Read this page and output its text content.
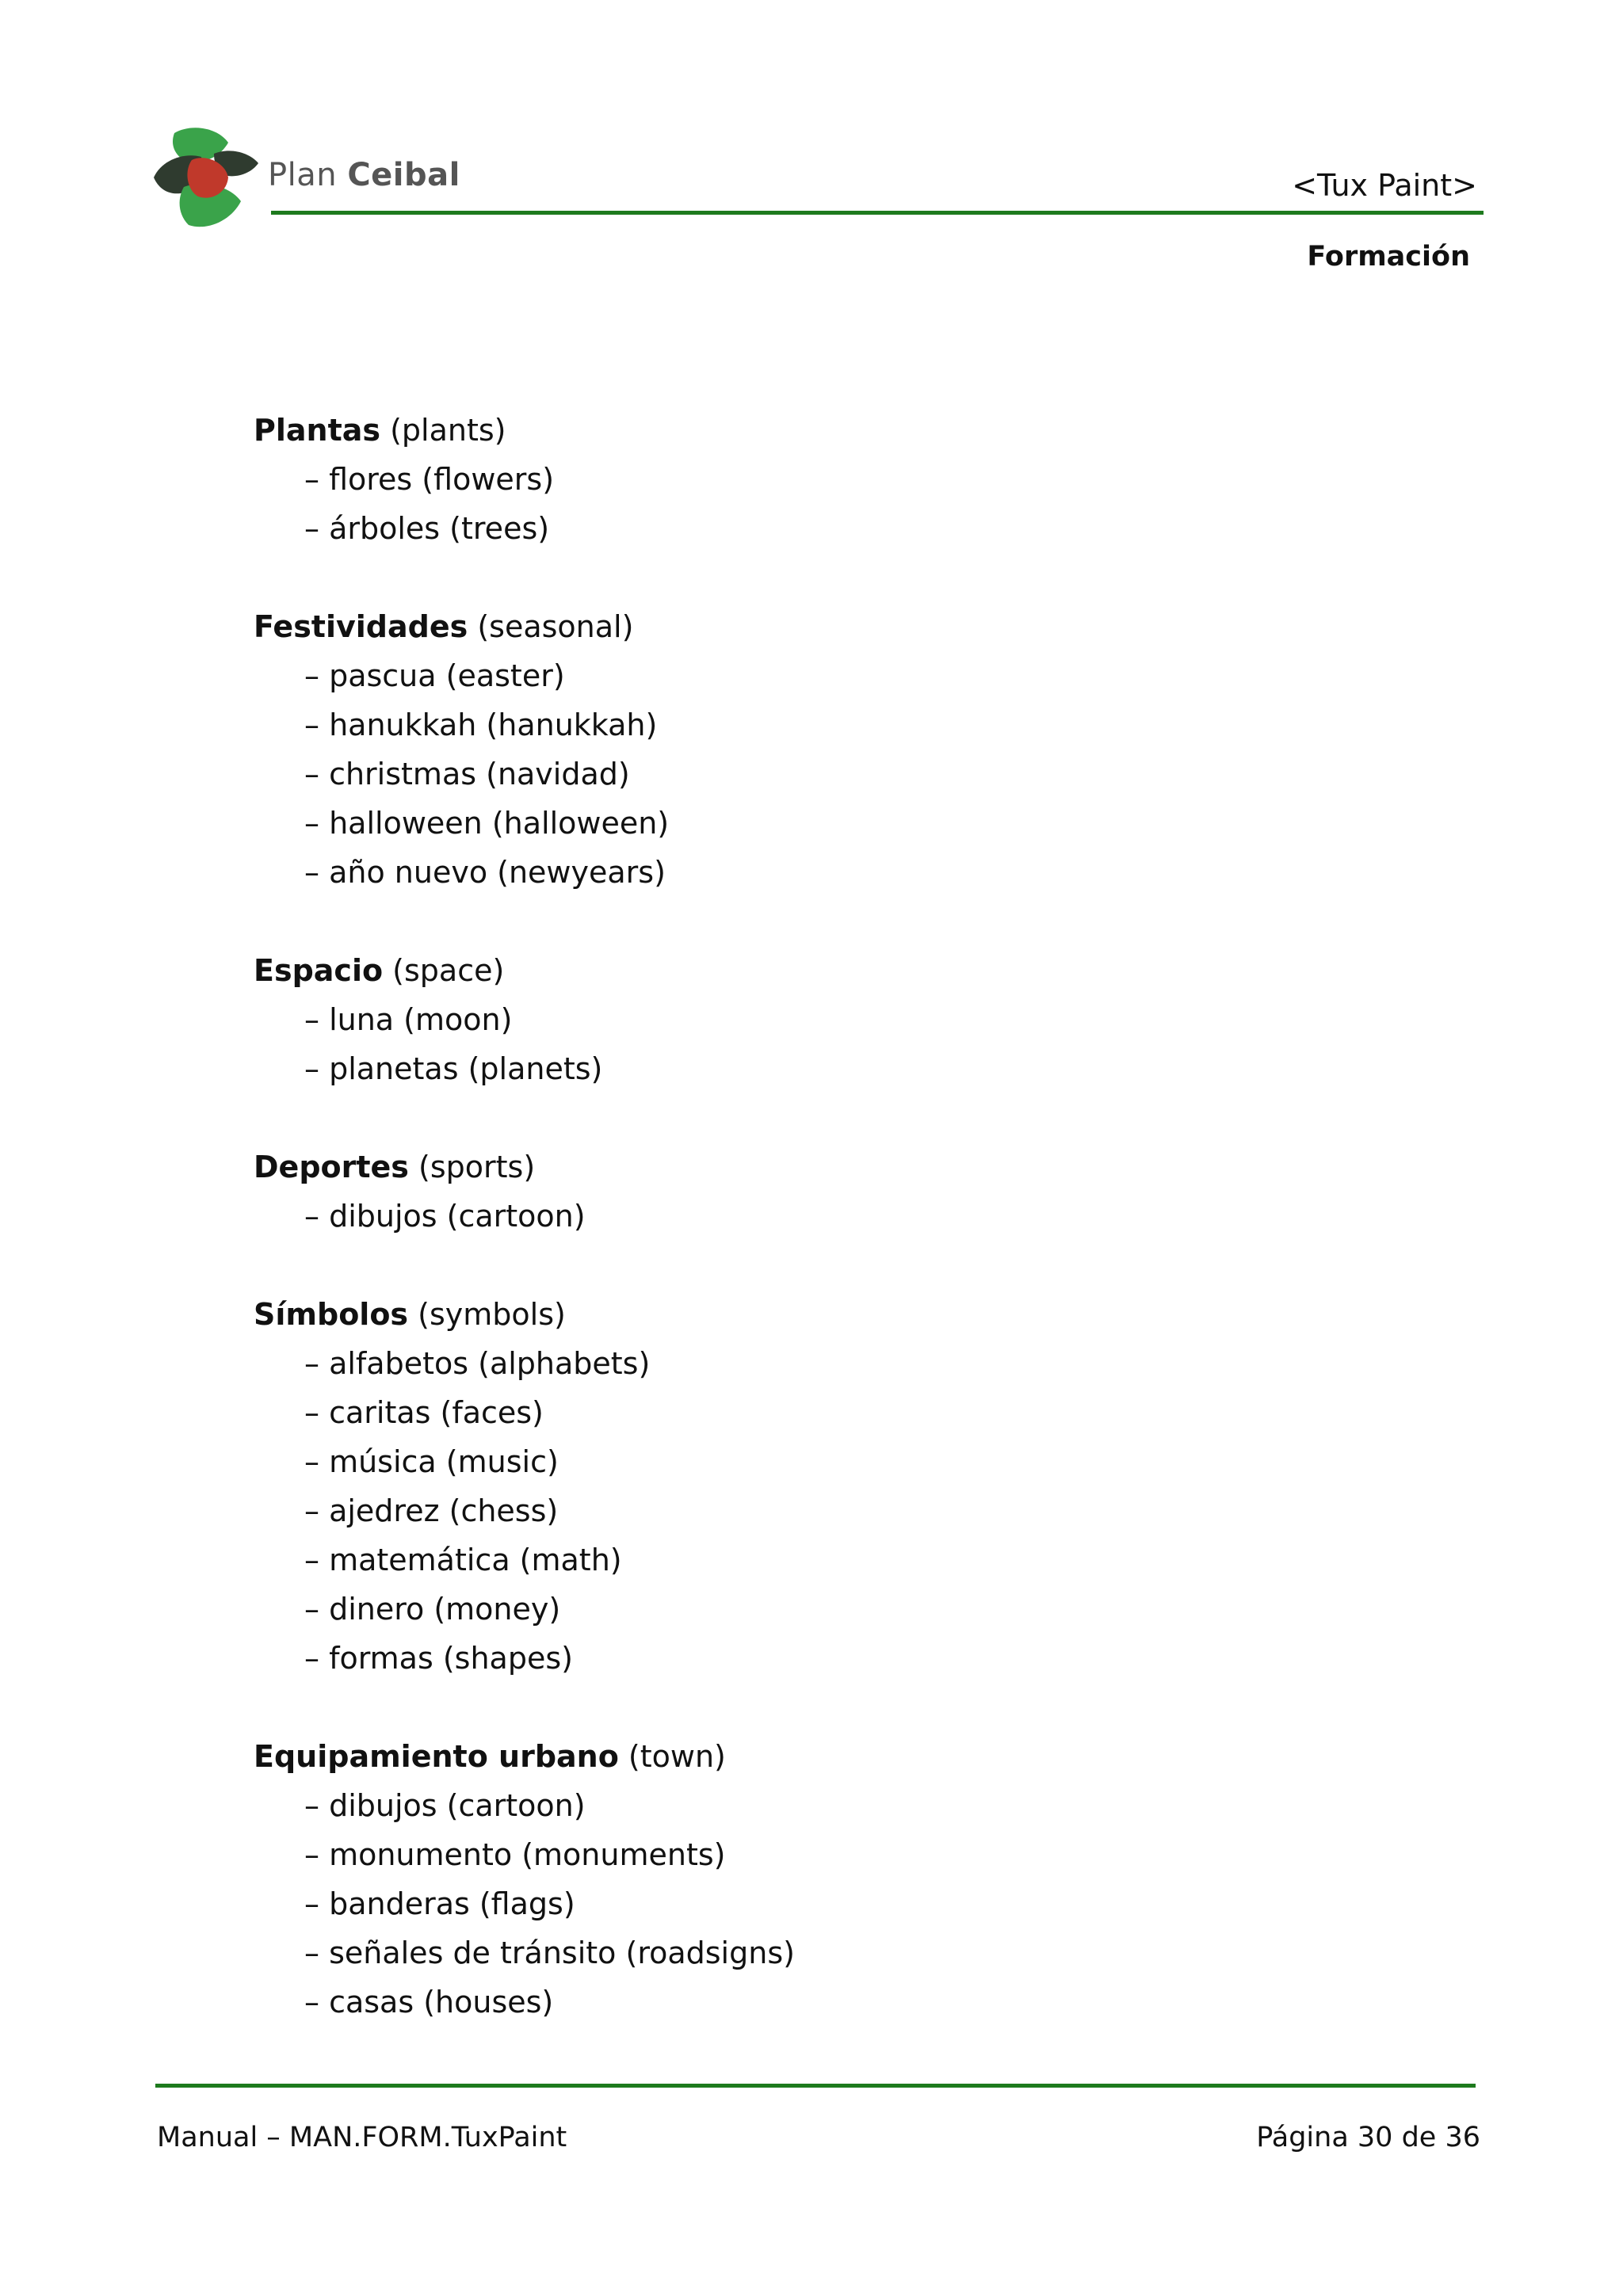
Plan Ceibal	<Tux Paint>
Formación
Plantas (plants)
– flores (flowers)
– árboles (trees)
Festividades (seasonal)
– pascua (easter)
– hanukkah (hanukkah)
– christmas (navidad)
– halloween (halloween)
– año nuevo (newyears)
Espacio (space)
– luna (moon)
– planetas (planets)
Deportes (sports)
– dibujos (cartoon)
Símbolos (symbols)
– alfabetos (alphabets)
– caritas (faces)
– música (music)
– ajedrez (chess)
– matemática (math)
– dinero (money)
– formas (shapes)
Equipamiento urbano (town)
– dibujos (cartoon)
– monumento (monuments)
– banderas (flags)
– señales de tránsito (roadsigns)
– casas (houses)
Manual – MAN.FORM.TuxPaint	Página 30 de 36
